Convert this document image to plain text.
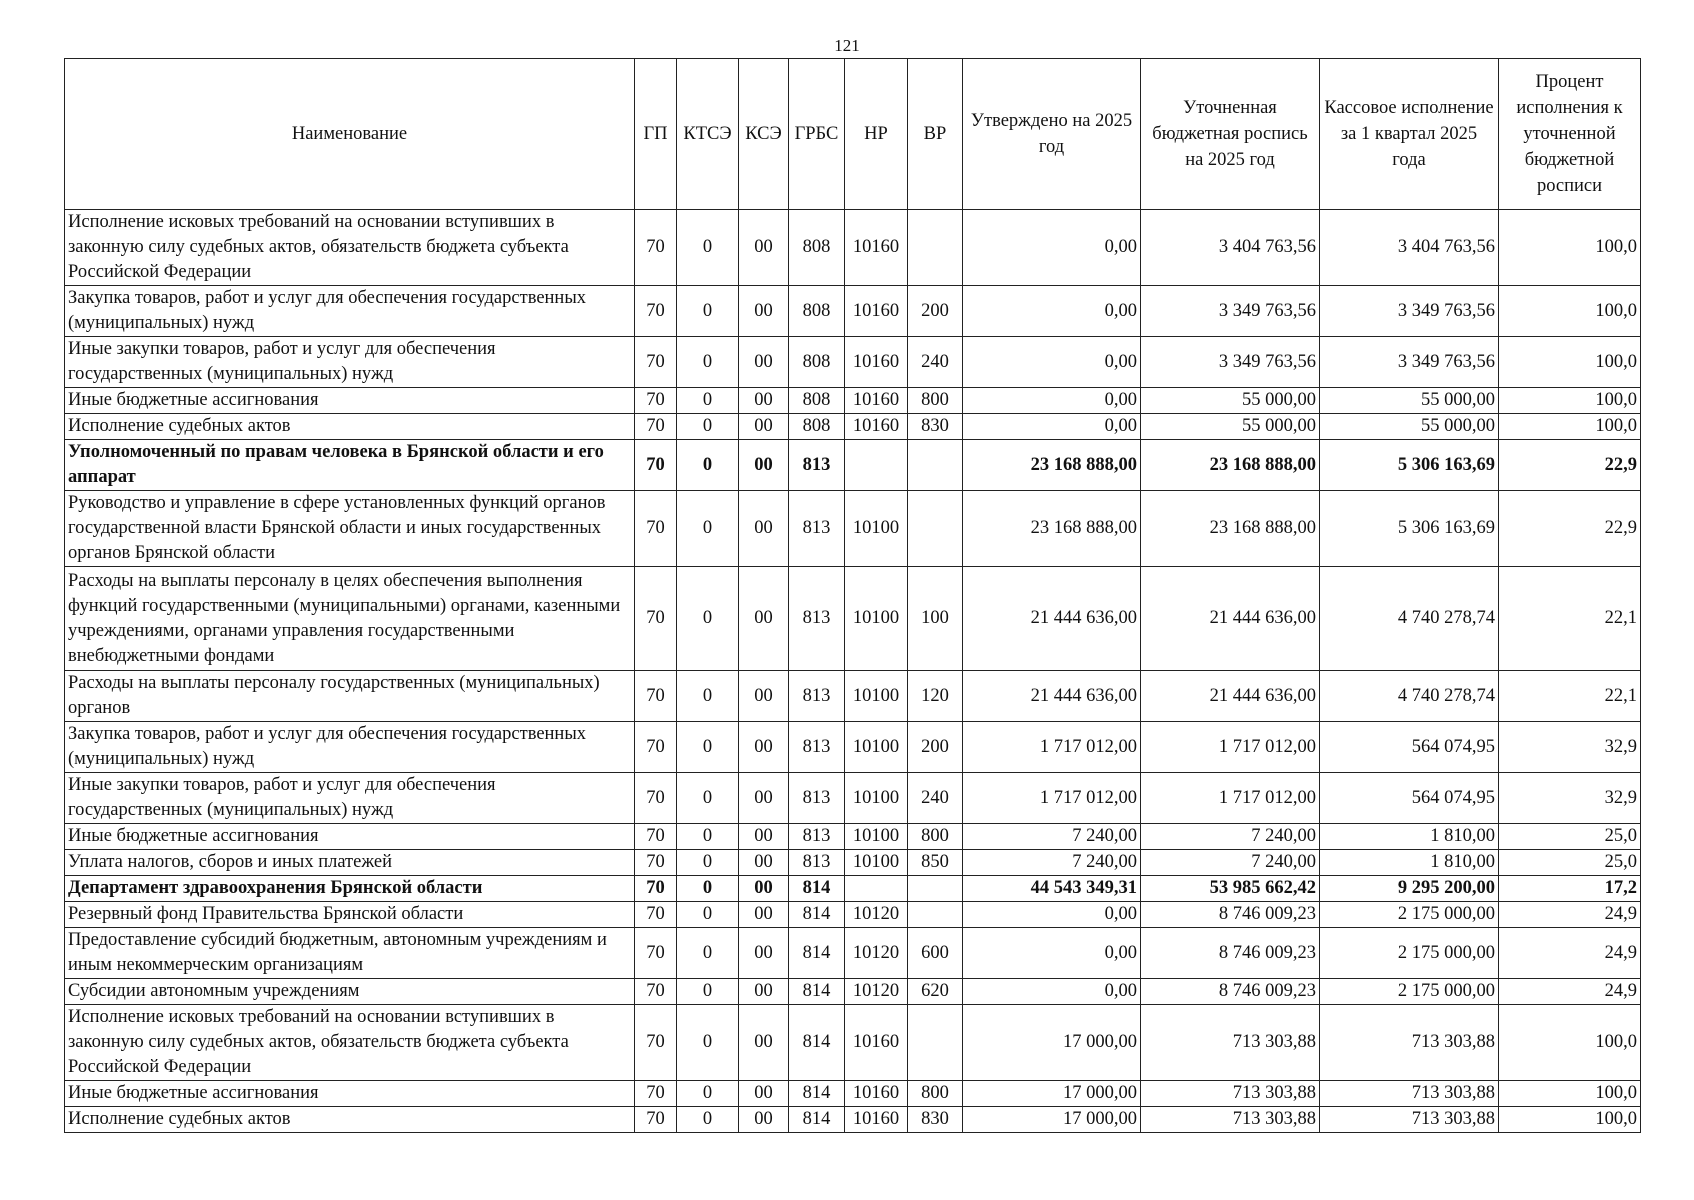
121
Наименование	ГП	КТСЭ	КСЭ	ГРБС	НР	ВР	Утверждено на 2025 год	Уточненная бюджетная роспись на 2025 год	Кассовое исполнение за 1 квартал 2025 года	Процент исполнения к уточненной бюджетной росписи
Исполнение исковых требований на основании вступивших в законную силу судебных актов, обязательств бюджета субъекта Российской Федерации	70	0	00	808	10160		0,00	3 404 763,56	3 404 763,56	100,0
Закупка товаров, работ и услуг для обеспечения государственных (муниципальных) нужд	70	0	00	808	10160	200	0,00	3 349 763,56	3 349 763,56	100,0
Иные закупки товаров, работ и услуг для обеспечения государственных (муниципальных) нужд	70	0	00	808	10160	240	0,00	3 349 763,56	3 349 763,56	100,0
Иные бюджетные ассигнования	70	0	00	808	10160	800	0,00	55 000,00	55 000,00	100,0
Исполнение судебных актов	70	0	00	808	10160	830	0,00	55 000,00	55 000,00	100,0
Уполномоченный по правам человека в Брянской области и его аппарат	70	0	00	813			23 168 888,00	23 168 888,00	5 306 163,69	22,9
Руководство и управление в сфере установленных функций органов государственной власти Брянской области и иных государственных органов Брянской области	70	0	00	813	10100		23 168 888,00	23 168 888,00	5 306 163,69	22,9
Расходы на выплаты персоналу в целях обеспечения выполнения функций государственными (муниципальными) органами, казенными учреждениями, органами управления государственными внебюджетными фондами	70	0	00	813	10100	100	21 444 636,00	21 444 636,00	4 740 278,74	22,1
Расходы на выплаты персоналу государственных (муниципальных) органов	70	0	00	813	10100	120	21 444 636,00	21 444 636,00	4 740 278,74	22,1
Закупка товаров, работ и услуг для обеспечения государственных (муниципальных) нужд	70	0	00	813	10100	200	1 717 012,00	1 717 012,00	564 074,95	32,9
Иные закупки товаров, работ и услуг для обеспечения государственных (муниципальных) нужд	70	0	00	813	10100	240	1 717 012,00	1 717 012,00	564 074,95	32,9
Иные бюджетные ассигнования	70	0	00	813	10100	800	7 240,00	7 240,00	1 810,00	25,0
Уплата налогов, сборов и иных платежей	70	0	00	813	10100	850	7 240,00	7 240,00	1 810,00	25,0
Департамент здравоохранения Брянской области	70	0	00	814			44 543 349,31	53 985 662,42	9 295 200,00	17,2
Резервный фонд Правительства Брянской области	70	0	00	814	10120		0,00	8 746 009,23	2 175 000,00	24,9
Предоставление субсидий бюджетным, автономным учреждениям и иным некоммерческим организациям	70	0	00	814	10120	600	0,00	8 746 009,23	2 175 000,00	24,9
Субсидии автономным учреждениям	70	0	00	814	10120	620	0,00	8 746 009,23	2 175 000,00	24,9
Исполнение исковых требований на основании вступивших в законную силу судебных актов, обязательств бюджета субъекта Российской Федерации	70	0	00	814	10160		17 000,00	713 303,88	713 303,88	100,0
Иные бюджетные ассигнования	70	0	00	814	10160	800	17 000,00	713 303,88	713 303,88	100,0
Исполнение судебных актов	70	0	00	814	10160	830	17 000,00	713 303,88	713 303,88	100,0
